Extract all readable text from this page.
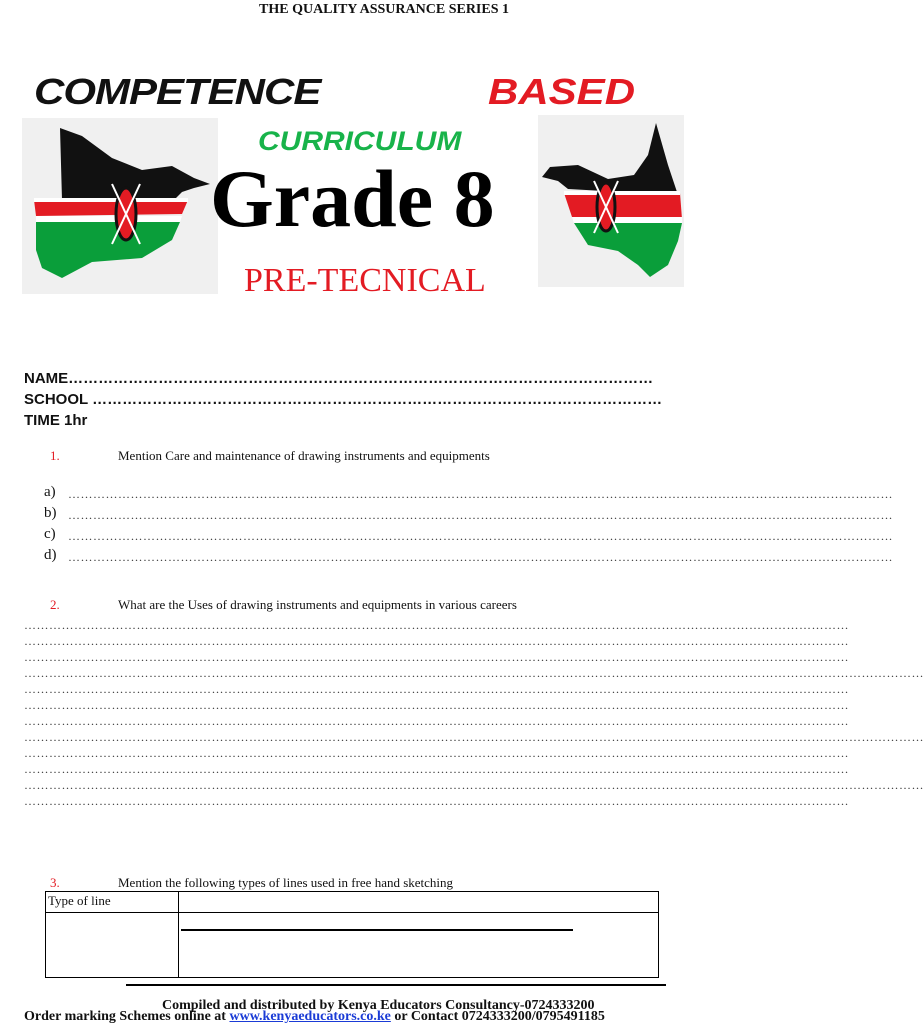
THE QUALITY ASSURANCE SERIES 1
COMPETENCE	BASED
CURRICULUM
Grade 8
PRE-TECNICAL
NAME………………………………………………………………………………………………………
SCHOOL ……………………………………………………………………………………………………
TIME 1hr
1.	Mention Care and maintenance of drawing instruments and equipments
a) ………………………………………………………………………………………………………………………………………………………………………………
b) ………………………………………………………………………………………………………………………………………………………………………………
c) ………………………………………………………………………………………………………………………………………………………………………………
d) ………………………………………………………………………………………………………………………………………………………………………………
2.	What are the Uses of drawing instruments and equipments in various careers
………………………………………………………………………………………………………………………………………………………………………………
………………………………………………………………………………………………………………………………………………………………………………
………………………………………………………………………………………………………………………………………………………………………………
………………………………………………………………………………………………………………………………………………………………………………………………
………………………………………………………………………………………………………………………………………………………………………………
………………………………………………………………………………………………………………………………………………………………………………
………………………………………………………………………………………………………………………………………………………………………………
………………………………………………………………………………………………………………………………………………………………………………………………
………………………………………………………………………………………………………………………………………………………………………………
………………………………………………………………………………………………………………………………………………………………………………
………………………………………………………………………………………………………………………………………………………………………………………………
………………………………………………………………………………………………………………………………………………………………………………
3.	Mention the following types of lines used in free hand sketching
Type of line	

Compiled and distributed by Kenya Educators Consultancy-0724333200
Order marking Schemes online at www.kenyaeducators.co.ke or Contact 0724333200/0795491185
